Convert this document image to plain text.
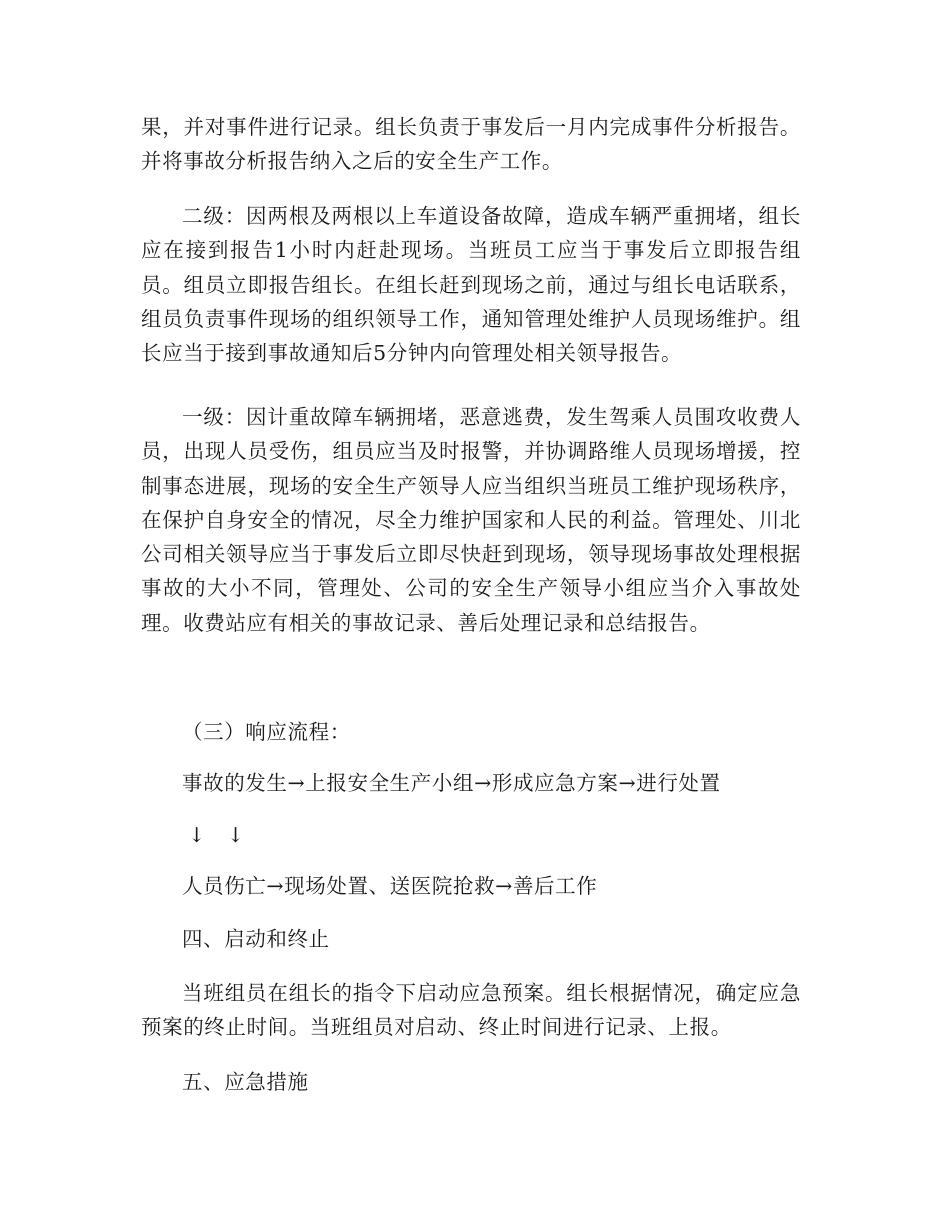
果，并对事件进行记录。组长负责于事发后一月内完成事件分析报告。并将事故分析报告纳入之后的安全生产工作。
二级：因两根及两根以上车道设备故障，造成车辆严重拥堵，组长应在接到报告1小时内赶赴现场。当班员工应当于事发后立即报告组员。组员立即报告组长。在组长赶到现场之前，通过与组长电话联系，组员负责事件现场的组织领导工作，通知管理处维护人员现场维护。组长应当于接到事故通知后5分钟内向管理处相关领导报告。
一级：因计重故障车辆拥堵，恶意逃费，发生驾乘人员围攻收费人员，出现人员受伤，组员应当及时报警，并协调路维人员现场增援，控制事态进展，现场的安全生产领导人应当组织当班员工维护现场秩序，在保护自身安全的情况，尽全力维护国家和人民的利益。管理处、川北公司相关领导应当于事发后立即尽快赶到现场，领导现场事故处理根据事故的大小不同，管理处、公司的安全生产领导小组应当介入事故处理。收费站应有相关的事故记录、善后处理记录和总结报告。
（三）响应流程：
事故的发生→上报安全生产小组→形成应急方案→进行处置
↓　↓
人员伤亡→现场处置、送医院抢救→善后工作
四、启动和终止
当班组员在组长的指令下启动应急预案。组长根据情况，确定应急预案的终止时间。当班组员对启动、终止时间进行记录、上报。
五、应急措施
